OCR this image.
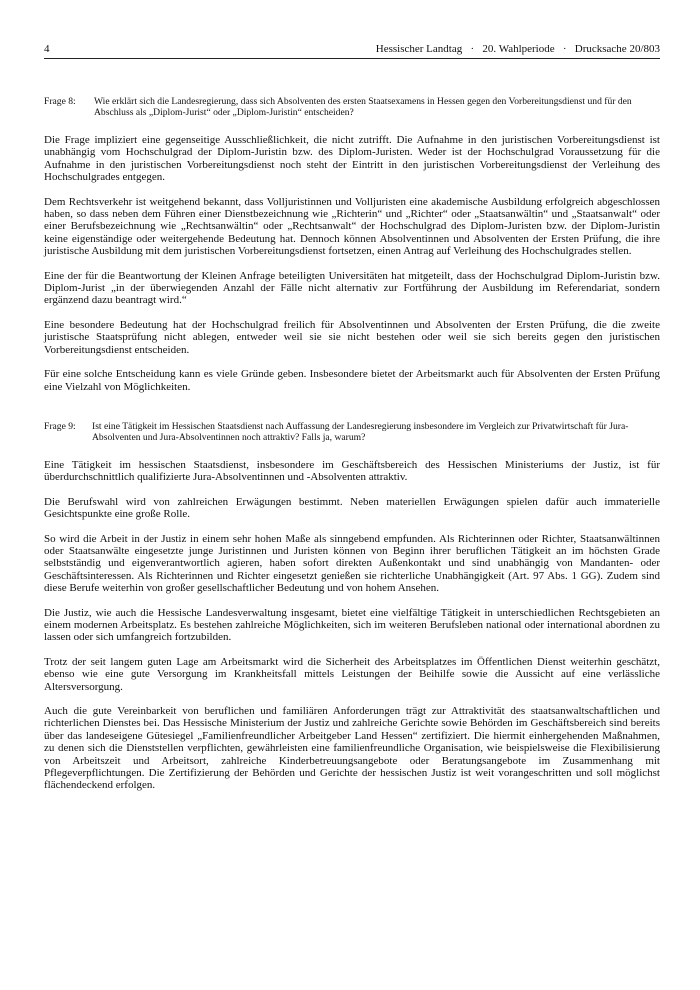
4	Hessischer Landtag   ·   20. Wahlperiode   ·   Drucksache 20/803
Frage 8:	Wie erklärt sich die Landesregierung, dass sich Absolventen des ersten Staatsexamens in Hessen gegen den Vorbereitungsdienst und für den Abschluss als „Diplom-Jurist“ oder „Diplom-Juristin“ entscheiden?

Die Frage impliziert eine gegenseitige Ausschließlichkeit, die nicht zutrifft. Die Aufnahme in den juristischen Vorbereitungsdienst ist unabhängig vom Hochschulgrad der Diplom-Juristin bzw. des Diplom-Juristen. Weder ist der Hochschulgrad Voraussetzung für die Aufnahme in den juristischen Vorbereitungsdienst noch steht der Eintritt in den juristischen Vorbereitungsdienst der Verleihung des Hochschulgrades entgegen.

Dem Rechtsverkehr ist weitgehend bekannt, dass Volljuristinnen und Volljuristen eine akademische Ausbildung erfolgreich abgeschlossen haben, so dass neben dem Führen einer Dienstbezeichnung wie „Richterin“ und „Richter“ oder „Staatsanwältin“ und „Staatsanwalt“ oder einer Berufsbezeichnung wie „Rechtsanwältin“ oder „Rechtsanwalt“ der Hochschulgrad des Diplom-Juristen bzw. der Diplom-Juristin keine eigenständige oder weitergehende Bedeutung hat. Dennoch können Absolventinnen und Absolventen der Ersten Prüfung, die ihre juristische Ausbildung mit dem juristischen Vorbereitungsdienst fortsetzen, einen Antrag auf Verleihung des Hochschulgrades stellen.

Eine der für die Beantwortung der Kleinen Anfrage beteiligten Universitäten hat mitgeteilt, dass der Hochschulgrad Diplom-Juristin bzw. Diplom-Jurist „in der überwiegenden Anzahl der Fälle nicht alternativ zur Fortführung der Ausbildung im Referendariat, sondern ergänzend dazu beantragt wird.“

Eine besondere Bedeutung hat der Hochschulgrad freilich für Absolventinnen und Absolventen der Ersten Prüfung, die die zweite juristische Staatsprüfung nicht ablegen, entweder weil sie sie nicht bestehen oder weil sie sich bereits gegen den juristischen Vorbereitungsdienst entscheiden.

Für eine solche Entscheidung kann es viele Gründe geben. Insbesondere bietet der Arbeitsmarkt auch für Absolventen der Ersten Prüfung eine Vielzahl von Möglichkeiten.

Frage 9:	Ist eine Tätigkeit im Hessischen Staatsdienst nach Auffassung der Landesregierung insbesondere im Vergleich zur Privatwirtschaft für Jura-Absolventen und Jura-Absolventinnen noch attraktiv? Falls ja, warum?

Eine Tätigkeit im hessischen Staatsdienst, insbesondere im Geschäftsbereich des Hessischen Ministeriums der Justiz, ist für überdurchschnittlich qualifizierte Jura-Absolventinnen und -Absolventen attraktiv.

Die Berufswahl wird von zahlreichen Erwägungen bestimmt. Neben materiellen Erwägungen spielen dafür auch immaterielle Gesichtspunkte eine große Rolle.

So wird die Arbeit in der Justiz in einem sehr hohen Maße als sinngebend empfunden. Als Richterinnen oder Richter, Staatsanwältinnen oder Staatsanwälte eingesetzte junge Juristinnen und Juristen können von Beginn ihrer beruflichen Tätigkeit an im höchsten Grade selbstständig und eigenverantwortlich agieren, haben sofort direkten Außenkontakt und sind unabhängig von Mandanten- oder Geschäftsinteressen. Als Richterinnen und Richter eingesetzt genießen sie richterliche Unabhängigkeit (Art. 97 Abs. 1 GG). Zudem sind diese Berufe weiterhin von großer gesellschaftlicher Bedeutung und von hohem Ansehen.

Die Justiz, wie auch die Hessische Landesverwaltung insgesamt, bietet eine vielfältige Tätigkeit in unterschiedlichen Rechtsgebieten an einem modernen Arbeitsplatz. Es bestehen zahlreiche Möglichkeiten, sich im weiteren Berufsleben national oder international abordnen zu lassen oder sich umfangreich fortzubilden.

Trotz der seit langem guten Lage am Arbeitsmarkt wird die Sicherheit des Arbeitsplatzes im Öffentlichen Dienst weiterhin geschätzt, ebenso wie eine gute Versorgung im Krankheitsfall mittels Leistungen der Beihilfe sowie die Aussicht auf eine verlässliche Altersversorgung.

Auch die gute Vereinbarkeit von beruflichen und familiären Anforderungen trägt zur Attraktivität des staatsanwaltschaftlichen und richterlichen Dienstes bei. Das Hessische Ministerium der Justiz und zahlreiche Gerichte sowie Behörden im Geschäftsbereich sind bereits über das landeseigene Gütesiegel „Familienfreundlicher Arbeitgeber Land Hessen“ zertifiziert. Die hiermit einhergehenden Maßnahmen, zu denen sich die Dienststellen verpflichten, gewährleisten eine familienfreundliche Organisation, wie beispielsweise die Flexibilisierung von Arbeitszeit und Arbeitsort, zahlreiche Kinderbetreuungsangebote oder Beratungsangebote im Zusammenhang mit Pflegeverpflichtungen. Die Zertifizierung der Behörden und Gerichte der hessischen Justiz ist weit vorangeschritten und soll möglichst flächendeckend erfolgen.
